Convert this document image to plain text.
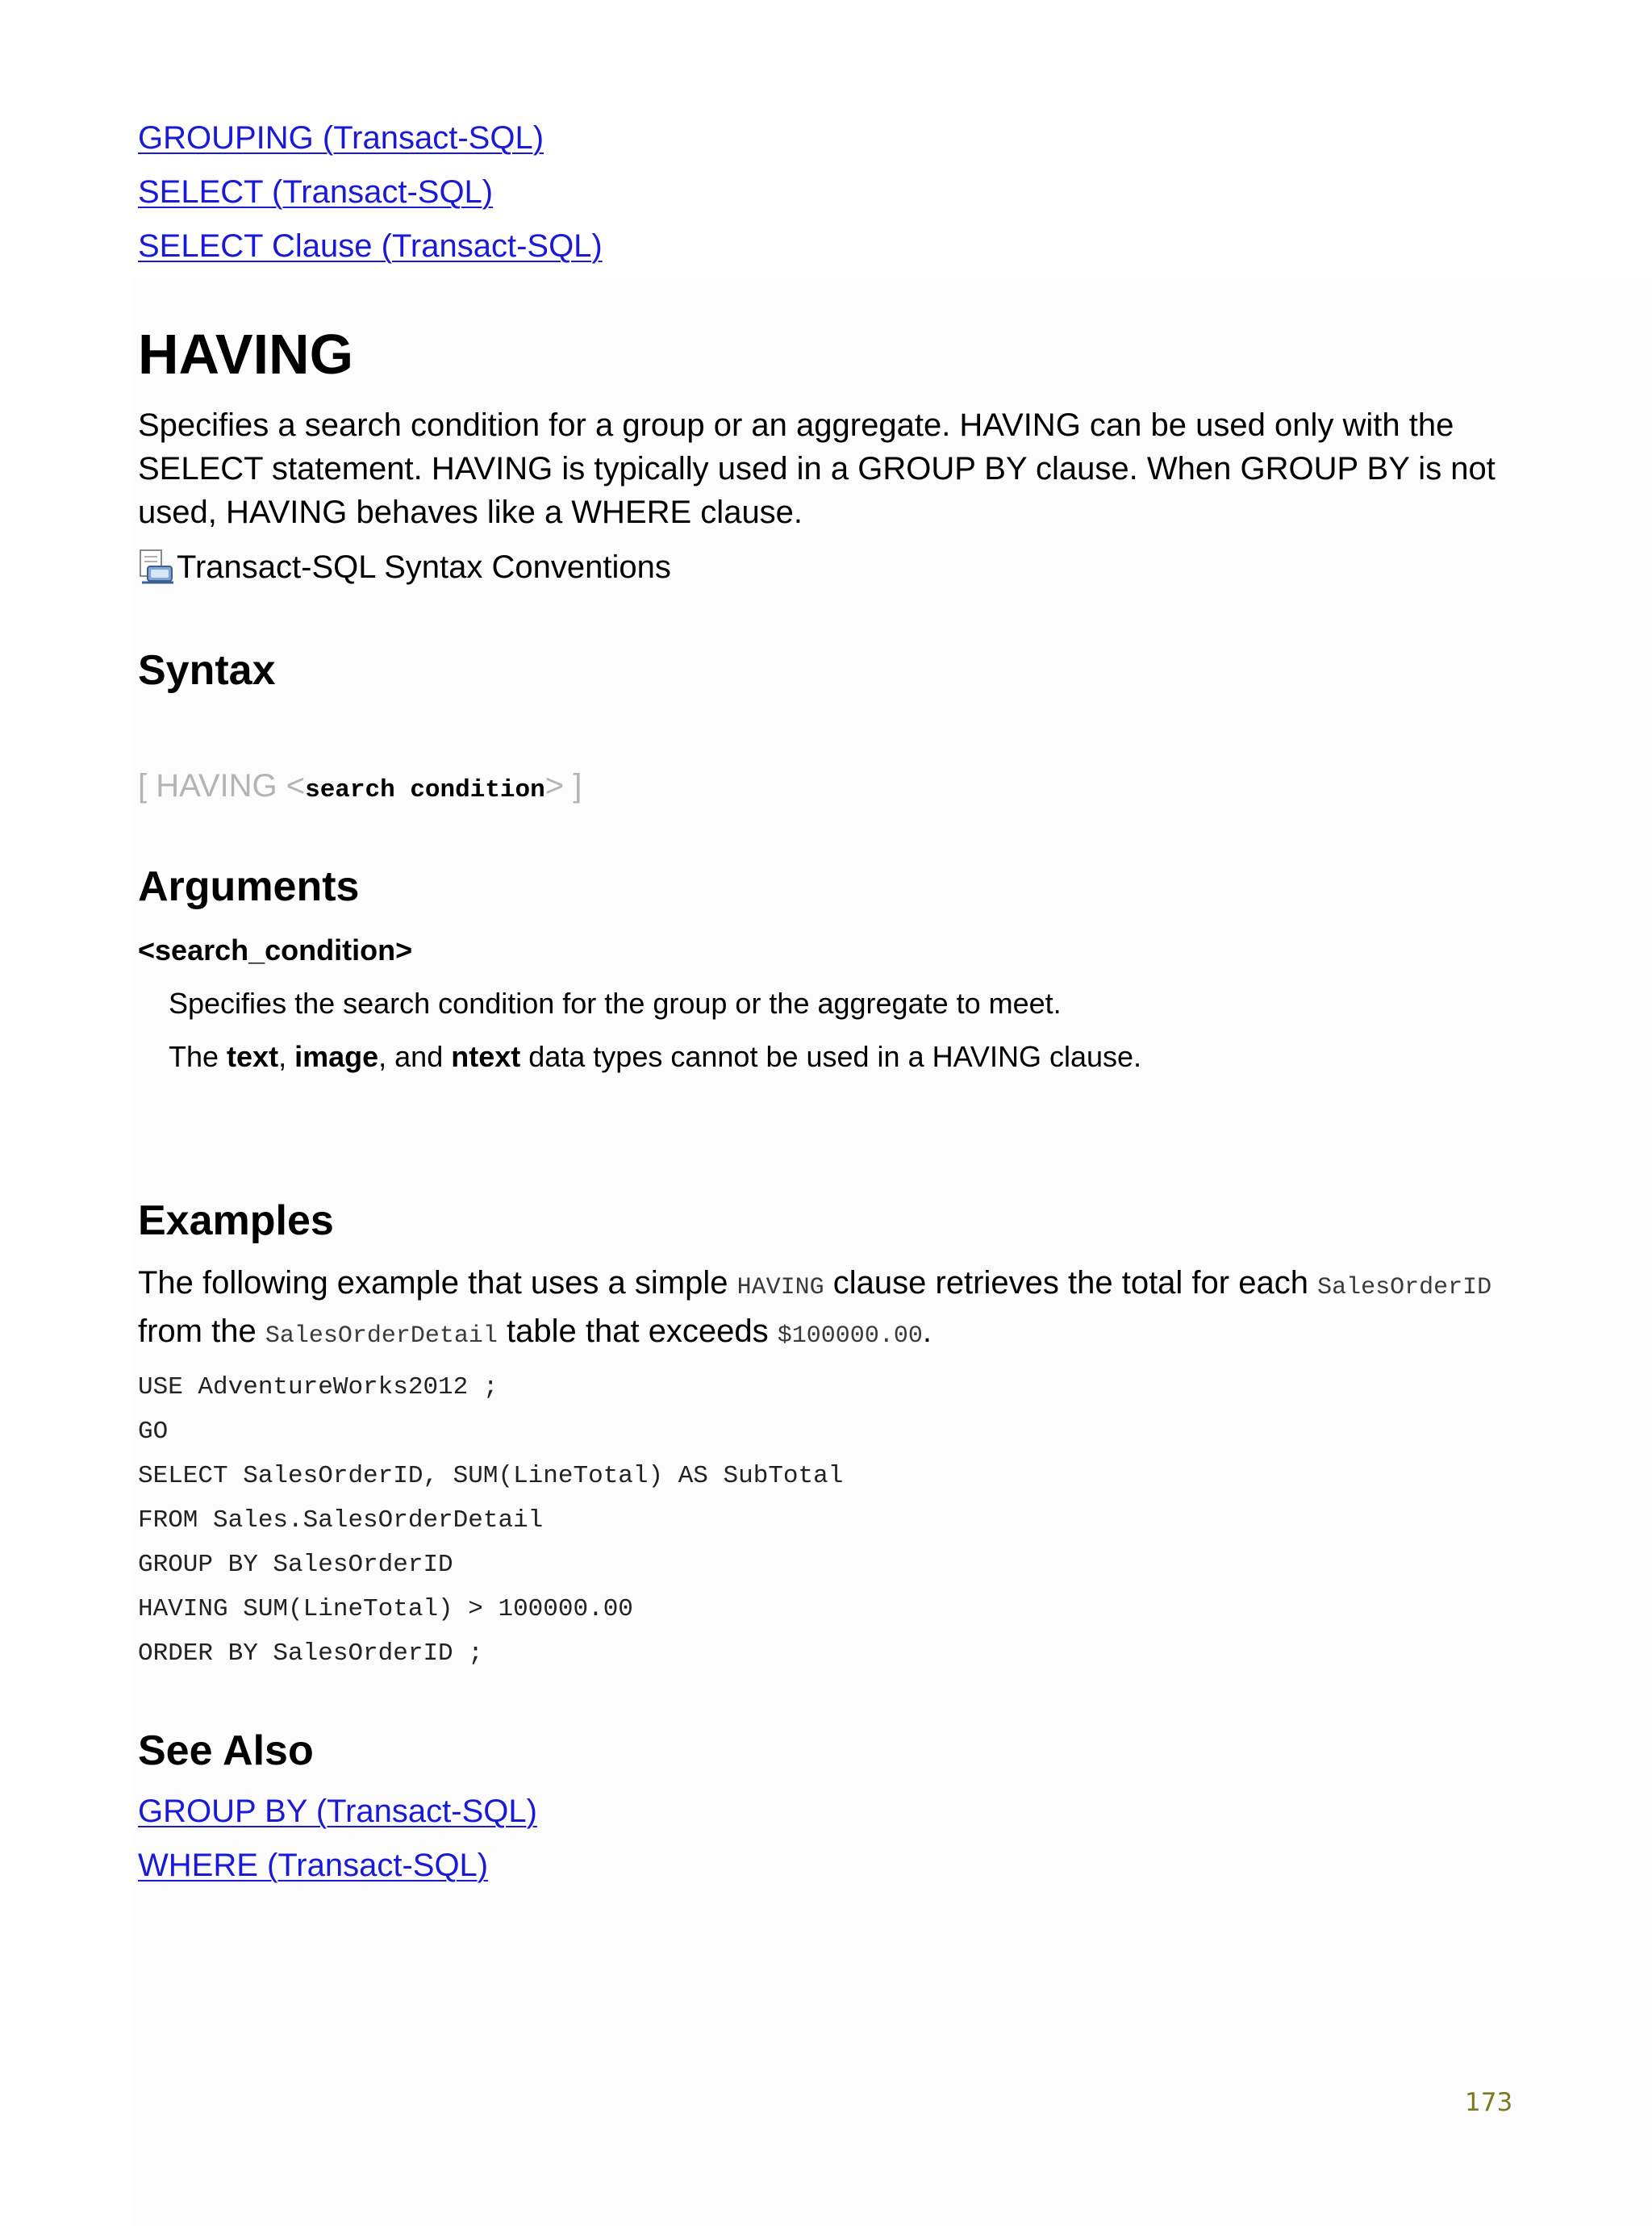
GROUPING (Transact-SQL)
SELECT (Transact-SQL)
SELECT Clause (Transact-SQL)
HAVING

Specifies a search condition for a group or an aggregate. HAVING can be used only with the
SELECT statement. HAVING is typically used in a GROUP BY clause. When GROUP BY is not
used, HAVING behaves like a WHERE clause.

Transact-SQL Syntax Conventions
Syntax
[ HAVING <search condition> ]
Arguments
<search_condition>
Specifies the search condition for the group or the aggregate to meet.
The text, image, and ntext data types cannot be used in a HAVING clause.
Examples

The following example that uses a simple HAVING clause retrieves the total for each SalesOrderID
from the SalesOrderDetail table that exceeds $100000.00.

USE AdventureWorks2012 ;
GO
SELECT SalesOrderID, SUM(LineTotal) AS SubTotal
FROM Sales.SalesOrderDetail
GROUP BY SalesOrderID
HAVING SUM(LineTotal) > 100000.00
ORDER BY SalesOrderID ;
See Also
GROUP BY (Transact-SQL)
WHERE (Transact-SQL)
173
